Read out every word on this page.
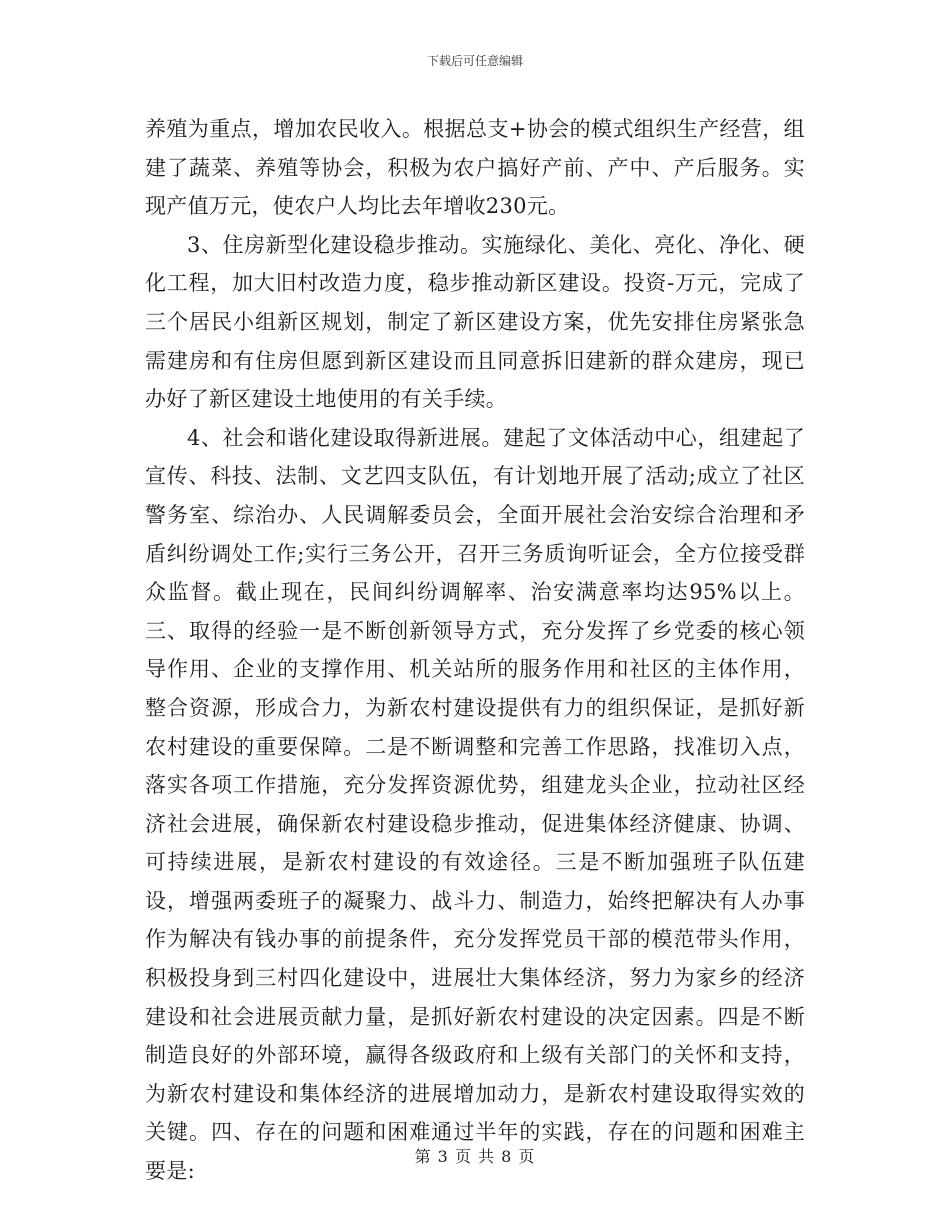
下载后可任意编辑

养殖为重点，增加农民收入。根据总支+协会的模式组织生产经营，组建了蔬菜、养殖等协会，积极为农户搞好产前、产中、产后服务。实现产值万元，使农户人均比去年增收230元。

3、住房新型化建设稳步推动。实施绿化、美化、亮化、净化、硬化工程，加大旧村改造力度，稳步推动新区建设。投资-万元，完成了三个居民小组新区规划，制定了新区建设方案，优先安排住房紧张急需建房和有住房但愿到新区建设而且同意拆旧建新的群众建房，现已办好了新区建设土地使用的有关手续。

4、社会和谐化建设取得新进展。建起了文体活动中心，组建起了宣传、科技、法制、文艺四支队伍，有计划地开展了活动;成立了社区警务室、综治办、人民调解委员会，全面开展社会治安综合治理和矛盾纠纷调处工作;实行三务公开，召开三务质询听证会，全方位接受群众监督。截止现在，民间纠纷调解率、治安满意率均达95%以上。三、取得的经验一是不断创新领导方式，充分发挥了乡党委的核心领导作用、企业的支撑作用、机关站所的服务作用和社区的主体作用，整合资源，形成合力，为新农村建设提供有力的组织保证，是抓好新农村建设的重要保障。二是不断调整和完善工作思路，找准切入点，落实各项工作措施，充分发挥资源优势，组建龙头企业，拉动社区经济社会进展，确保新农村建设稳步推动，促进集体经济健康、协调、可持续进展，是新农村建设的有效途径。三是不断加强班子队伍建设，增强两委班子的凝聚力、战斗力、制造力，始终把解决有人办事作为解决有钱办事的前提条件，充分发挥党员干部的模范带头作用，积极投身到三村四化建设中，进展壮大集体经济，努力为家乡的经济建设和社会进展贡献力量，是抓好新农村建设的决定因素。四是不断制造良好的外部环境，赢得各级政府和上级有关部门的关怀和支持，为新农村建设和集体经济的进展增加动力，是新农村建设取得实效的关键。四、存在的问题和困难通过半年的实践，存在的问题和困难主要是:

第 3 页 共 8 页
